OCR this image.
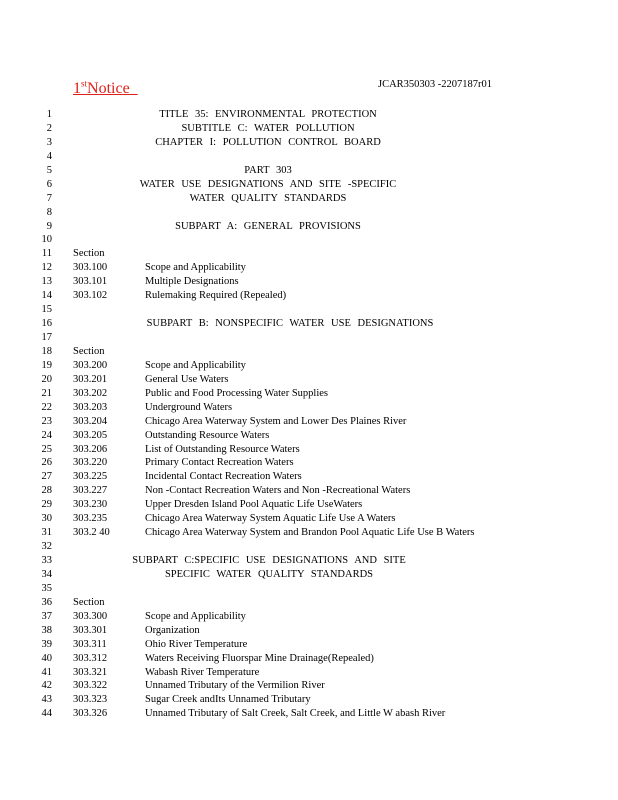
1stNotice	JCAR350303 -2207187r01
1	TITLE 35: ENVIRONMENTAL PROTECTION
2	SUBTITLE C: WATER POLLUTION
3	CHAPTER I: POLLUTION CONTROL BOARD
4
5	PART 303
6	WATER USE DESIGNATIONS AND SITE -SPECIFIC
7	WATER QUALITY STANDARDS
8
9	SUBPART A: GENERAL PROVISIONS
10
11 Section
12 303.100	Scope and Applicability
13 303.101	Multiple Designations
14 303.102	Rulemaking Required (Repealed)
15
16	SUBPART B: NONSPECIFIC WATER USE DESIGNATIONS
17
18 Section
19 303.200	Scope and Applicability
20 303.201	General Use Waters
21 303.202	Public and Food Processing Water Supplies
22 303.203	Underground Waters
23 303.204	Chicago Area Waterway System and Lower Des Plaines River
24 303.205	Outstanding Resource Waters
25 303.206	List of Outstanding Resource Waters
26 303.220	Primary Contact Recreation Waters
27 303.225	Incidental Contact Recreation Waters
28 303.227	Non -Contact Recreation Waters and Non -Recreational Waters
29 303.230	Upper Dresden Island Pool Aquatic Life UseWaters
30 303.235	Chicago Area Waterway System Aquatic Life Use A Waters
31 303.2 40	Chicago Area Waterway System and Brandon Pool Aquatic Life Use B Waters
32
33	SUBPART C:SPECIFIC USE DESIGNATIONS AND SITE
34	SPECIFIC WATER QUALITY STANDARDS
35
36 Section
37 303.300	Scope and Applicability
38 303.301	Organization
39 303.311	Ohio River Temperature
40 303.312	Waters Receiving Fluorspar Mine Drainage(Repealed)
41 303.321	Wabash River Temperature
42 303.322	Unnamed Tributary of the Vermilion River
43 303.323	Sugar Creek andIts Unnamed Tributary
44 303.326	Unnamed Tributary of Salt Creek, Salt Creek, and Little W abash River
